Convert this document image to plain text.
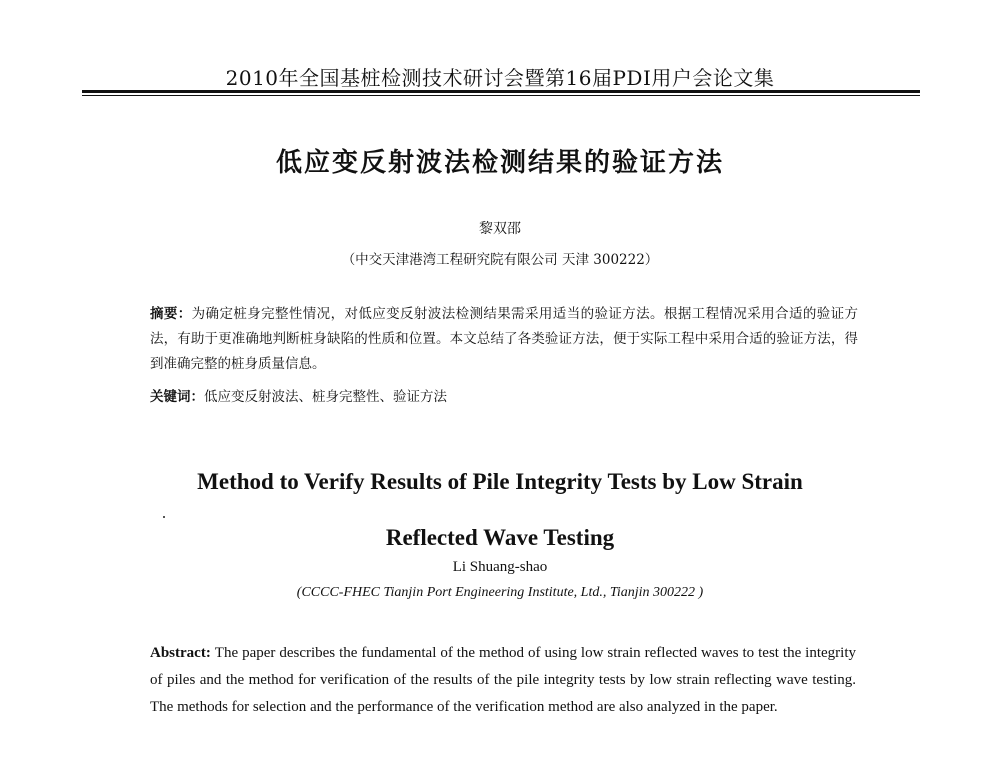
2010年全国基桩检测技术研讨会暨第16届PDI用户会论文集
低应变反射波法检测结果的验证方法
黎双邵
（中交天津港湾工程研究院有限公司 天津 300222）
摘要：为确定桩身完整性情况，对低应变反射波法检测结果需采用适当的验证方法。根据工程情况采用合适的验证方法，有助于更准确地判断桩身缺陷的性质和位置。本文总结了各类验证方法，便于实际工程中采用合适的验证方法，得到准确完整的桩身质量信息。
关键词：低应变反射波法、桩身完整性、验证方法
Method to Verify Results of Pile Integrity Tests by Low Strain
Reflected Wave Testing
Li Shuang-shao
(CCCC-FHEC Tianjin Port Engineering Institute, Ltd., Tianjin 300222 )
Abstract: The paper describes the fundamental of the method of using low strain reflected waves to test the integrity of piles and the method for verification of the results of the pile integrity tests by low strain reflecting wave testing. The methods for selection and the performance of the verification method are also analyzed in the paper.
